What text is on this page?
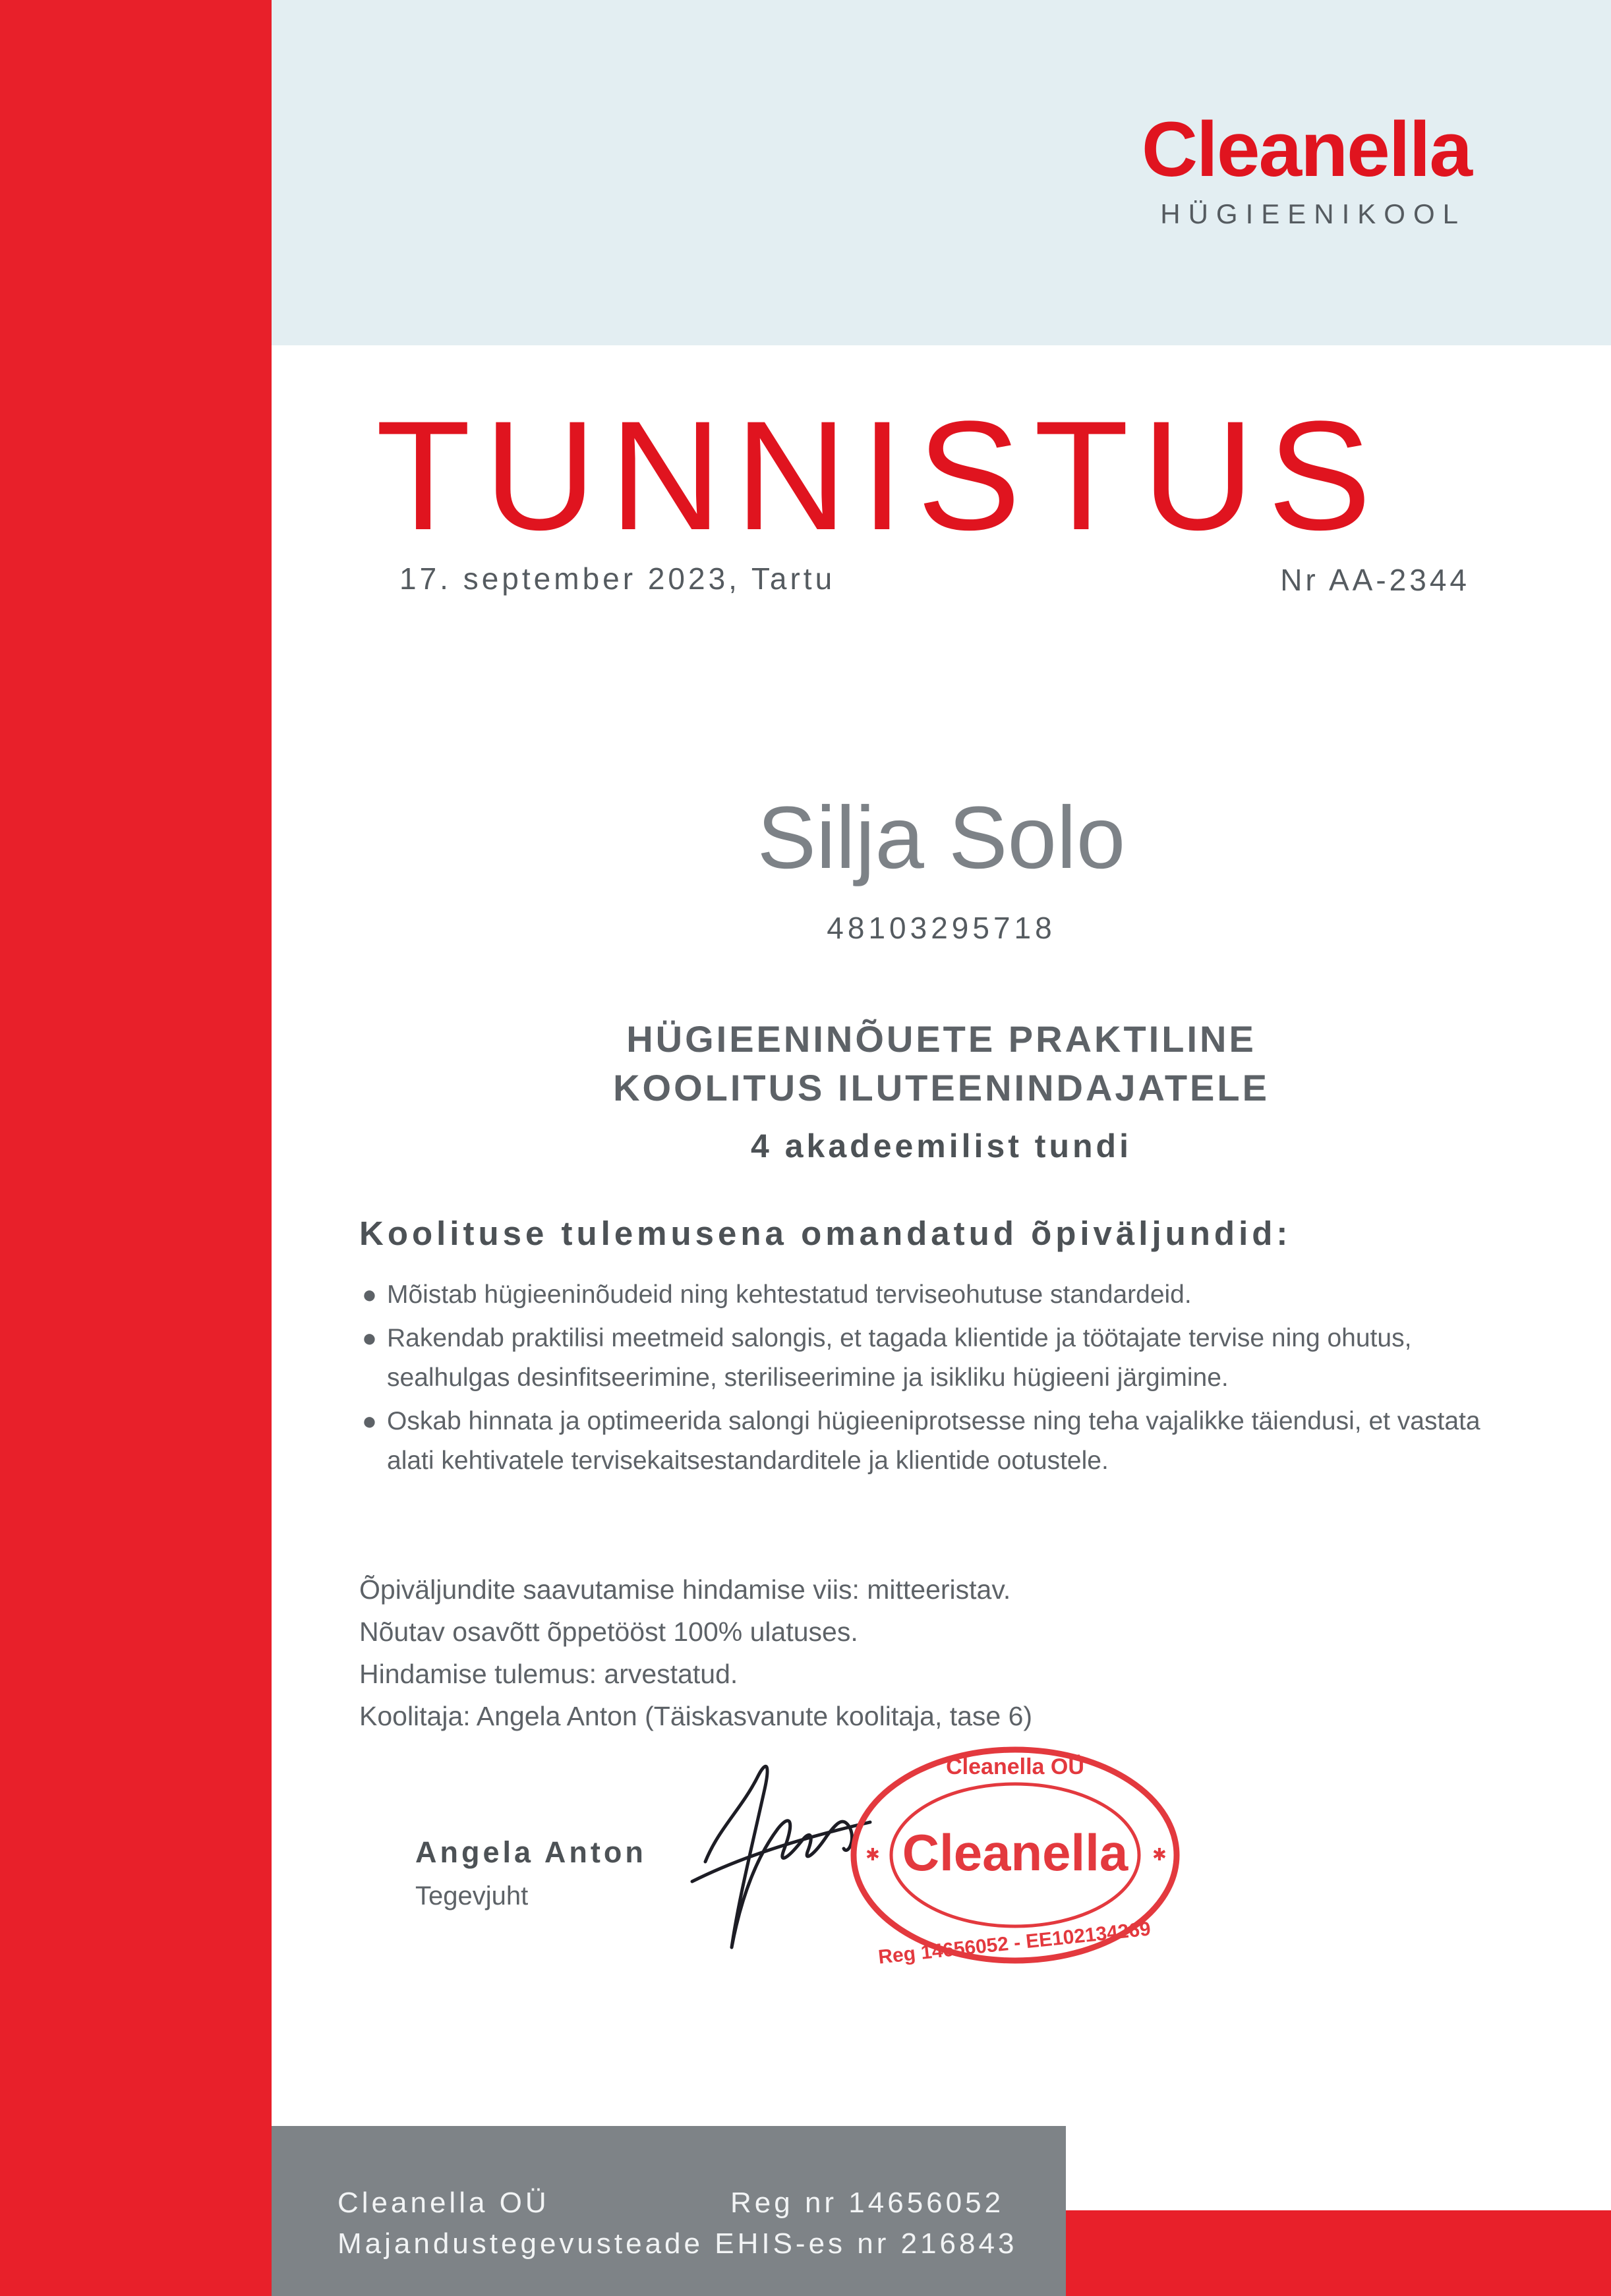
Cleanella
HÜGIEENIKOOL
TUNNISTUS
17. september 2023, Tartu	Nr AA-2344
Silja Solo
48103295718
HÜGIEENINÕUETE PRAKTILINE
KOOLITUS ILUTEENINDAJATELE
4 akadeemilist tundi
Koolituse tulemusena omandatud õpiväljundid:
● Mõistab hügieeninõudeid ning kehtestatud terviseohutuse standardeid.
● Rakendab praktilisi meetmeid salongis, et tagada klientide ja töötajate tervise ning ohutus, sealhulgas desinfitseerimine, steriliseerimine ja isikliku hügieeni järgimine.
● Oskab hinnata ja optimeerida salongi hügieeniprotsesse ning teha vajalikke täiendusi, et vastata alati kehtivatele tervisekaitsestandarditele ja klientide ootustele.
Õpiväljundite saavutamise hindamise viis: mitteeristav.
Nõutav osavõtt õppetööst 100% ulatuses.
Hindamise tulemus: arvestatud.
Koolitaja: Angela Anton (Täiskasvanute koolitaja, tase 6)
Angela Anton
Tegevjuht
✱	✱
Cleanella OÜ
Cleanella
Reg 14656052 - EE102134269
Cleanella OÜ	Reg nr 14656052
Majandustegevusteade EHIS-es nr 216843
